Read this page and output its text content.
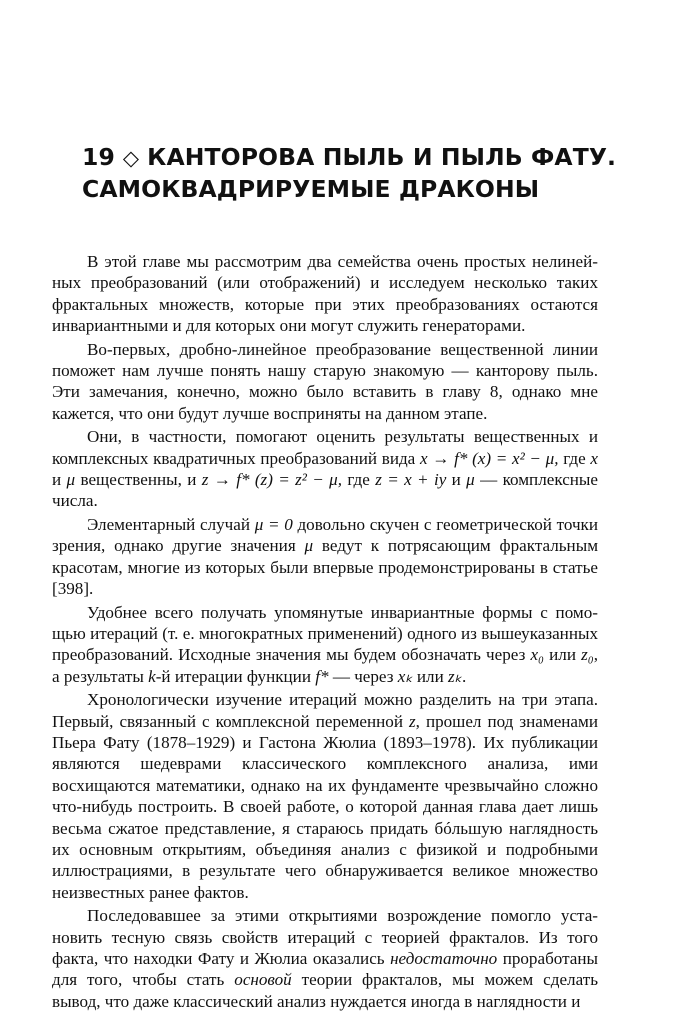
19 ◇ КАНТОРОВА ПЫЛЬ И ПЫЛЬ ФАТУ.
САМОКВАДРИРУЕМЫЕ ДРАКОНЫ

В этой главе мы рассмотрим два семейства очень простых нелинейных преобразований (или отображений) и исследуем несколько таких фрактальных множеств, которые при этих преобразованиях остаются инвариантными и для которых они могут служить генераторами.

Во-первых, дробно-линейное преобразование вещественной линии поможет нам лучше понять нашу старую знакомую — канторову пыль. Эти замечания, конечно, можно было вставить в главу 8, однако мне кажется, что они будут лучше восприняты на данном этапе.

Они, в частности, помогают оценить результаты вещественных и комплексных квадратичных преобразований вида x → f* (x) = x² − μ, где x и μ вещественны, и z → f* (z) = z² − μ, где z = x + iy и μ — комплексные числа.

Элементарный случай μ = 0 довольно скучен с геометрической точки зрения, однако другие значения μ ведут к потрясающим фрактальным красотам, многие из которых были впервые продемонстрированы в статье [398].

Удобнее всего получать упомянутые инвариантные формы с помощью итераций (т. е. многократных применений) одного из вышеуказанных преобразований. Исходные значения мы будем обозначать через x₀ или z₀, а результаты k-й итерации функции f* — через xₖ или zₖ.

Хронологически изучение итераций можно разделить на три этапа. Первый, связанный с комплексной переменной z, прошел под знаменами Пьера Фату (1878–1929) и Гастона Жюлиа (1893–1978). Их публикации являются шедеврами классического комплексного анализа, ими восхищаются математики, однако на их фундаменте чрезвычайно сложно что-нибудь построить. В своей работе, о которой данная глава дает лишь весьма сжатое представление, я стараюсь придать бóльшую наглядность их основным открытиям, объединяя анализ с физикой и подробными иллюстрациями, в результате чего обнаруживается великое множество неизвестных ранее фактов.

Последовавшее за этими открытиями возрождение помогло установить тесную связь свойств итераций с теорией фракталов. Из того факта, что находки Фату и Жюлиа оказались недостаточно проработаны для того, чтобы стать основой теории фракталов, мы можем сделать вывод, что даже классический анализ нуждается иногда в наглядности и
